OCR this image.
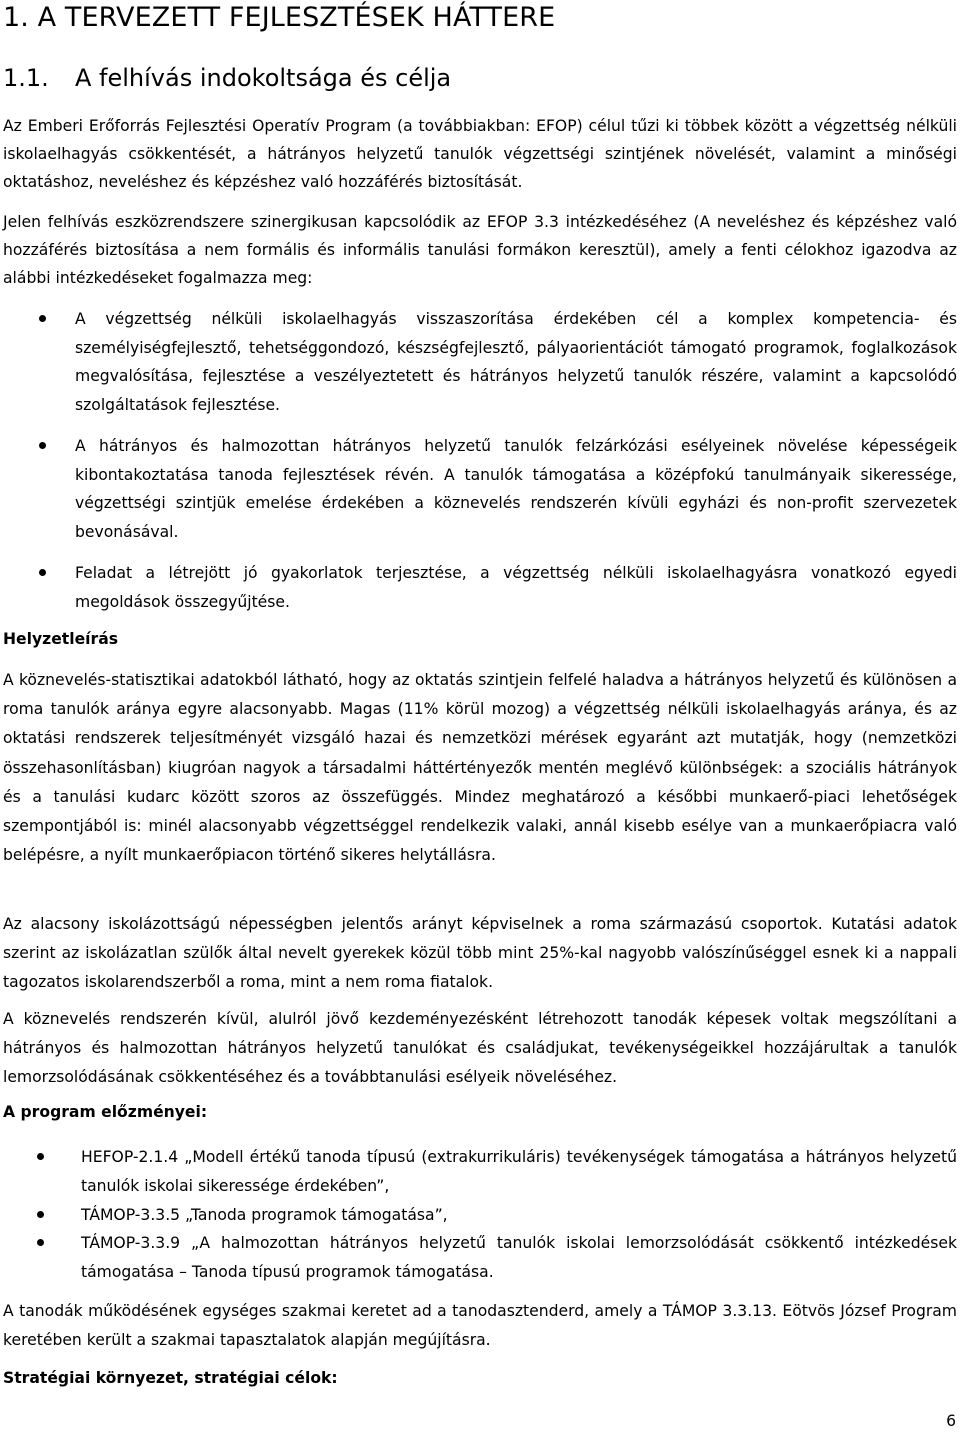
1. A TERVEZETT FEJLESZTÉSEK HÁTTERE
1.1. A felhívás indokoltsága és célja
Az Emberi Erőforrás Fejlesztési Operatív Program (a továbbiakban: EFOP) célul tűzi ki többek között a végzettség nélküli iskolaelhagyás csökkentését, a hátrányos helyzetű tanulók végzettségi szintjének növelését, valamint a minőségi oktatáshoz, neveléshez és képzéshez való hozzáférés biztosítását.
Jelen felhívás eszközrendszere szinergikusan kapcsolódik az EFOP 3.3 intézkedéséhez (A neveléshez és képzéshez való hozzáférés biztosítása a nem formális és informális tanulási formákon keresztül), amely a fenti célokhoz igazodva az alábbi intézkedéseket fogalmazza meg:
A végzettség nélküli iskolaelhagyás visszaszorítása érdekében cél a komplex kompetencia- és személyiségfejlesztő, tehetséggondozó, készségfejlesztő, pályaorientációt támogató programok, foglalkozások megvalósítása, fejlesztése a veszélyeztetett és hátrányos helyzetű tanulók részére, valamint a kapcsolódó szolgáltatások fejlesztése.
A hátrányos és halmozottan hátrányos helyzetű tanulók felzárkózási esélyeinek növelése képességeik kibontakoztatása tanoda fejlesztések révén. A tanulók támogatása a középfokú tanulmányaik sikeressége, végzettségi szintjük emelése érdekében a köznevelés rendszerén kívüli egyházi és non-profit szervezetek bevonásával.
Feladat a létrejött jó gyakorlatok terjesztése, a végzettség nélküli iskolaelhagyásra vonatkozó egyedi megoldások összegyűjtése.
Helyzetleírás
A köznevelés-statisztikai adatokból látható, hogy az oktatás szintjein felfelé haladva a hátrányos helyzetű és különösen a roma tanulók aránya egyre alacsonyabb. Magas (11% körül mozog) a végzettség nélküli iskolaelhagyás aránya, és az oktatási rendszerek teljesítményét vizsgáló hazai és nemzetközi mérések egyaránt azt mutatják, hogy (nemzetközi összehasonlításban) kiugróan nagyok a társadalmi háttértényezők mentén meglévő különbségek: a szociális hátrányok és a tanulási kudarc között szoros az összefüggés. Mindez meghatározó a későbbi munkaerő-piaci lehetőségek szempontjából is: minél alacsonyabb végzettséggel rendelkezik valaki, annál kisebb esélye van a munkaerőpiacra való belépésre, a nyílt munkaerőpiacon történő sikeres helytállásra.
Az alacsony iskolázottságú népességben jelentős arányt képviselnek a roma származású csoportok. Kutatási adatok szerint az iskolázatlan szülők által nevelt gyerekek közül több mint 25%-kal nagyobb valószínűséggel esnek ki a nappali tagozatos iskolarendszerből a roma, mint a nem roma fiatalok.
A köznevelés rendszerén kívül, alulról jövő kezdeményezésként létrehozott tanodák képesek voltak megszólítani a hátrányos és halmozottan hátrányos helyzetű tanulókat és családjukat, tevékenységeikkel hozzájárultak a tanulók lemorzsolódásának csökkentéséhez és a továbbtanulási esélyeik növeléséhez.
A program előzményei:
HEFOP-2.1.4 „Modell értékű tanoda típusú (extrakurrikuláris) tevékenységek támogatása a hátrányos helyzetű tanulók iskolai sikeressége érdekében”,
TÁMOP-3.3.5 „Tanoda programok támogatása”,
TÁMOP-3.3.9 „A halmozottan hátrányos helyzetű tanulók iskolai lemorzsolódását csökkentő intézkedések támogatása – Tanoda típusú programok támogatása.
A tanodák működésének egységes szakmai keretet ad a tanodasztenderd, amely a TÁMOP 3.3.13. Eötvös József Program keretében került a szakmai tapasztalatok alapján megújításra.
Stratégiai környezet, stratégiai célok:
6
